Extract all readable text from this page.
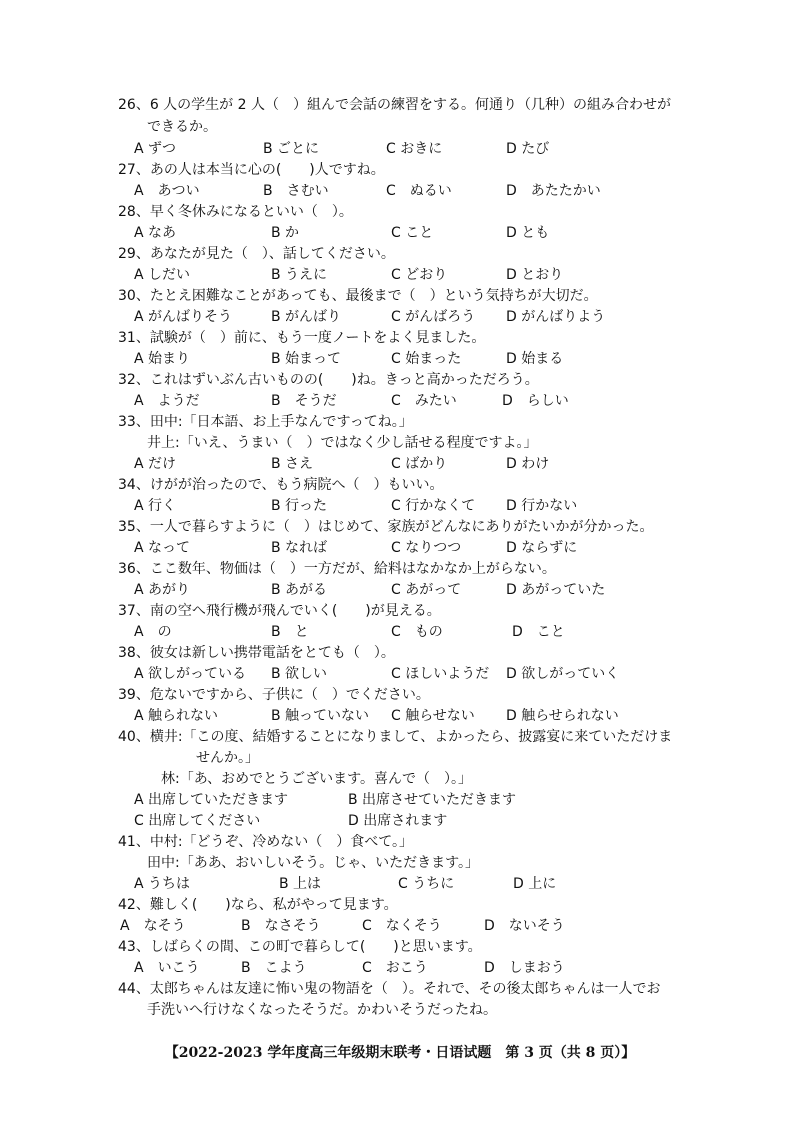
26、6 人の学生が 2 人（　）組んで会話の練習をする。何通り（几种）の組み合わせが
できるか。
A ずつ	B ごとに	C おきに	D たび
27、あの人は本当に心の(　　)人ですね。
A　あつい	B　さむい	C　ぬるい	D　あたたかい
28、早く冬休みになるといい（　）。
A なあ	B か	C こと	D とも
29、あなたが見た（　）、話してください。
A しだい	B うえに	C どおり	D とおり
30、たとえ困難なことがあっても、最後まで（　）という気持ちが大切だ。
A がんばりそう	B がんばり	C がんばろう D がんばりよう
31、試験が（　）前に、もう一度ノートをよく見ました。
A 始まり	B 始まって	C 始まった	D 始まる
32、これはずいぶん古いものの(　　)ね。きっと高かっただろう。
A　ようだ	B　そうだ	C　みたい	D　らしい
33、田中:「日本語、お上手なんですってね。」
井上:「いえ、うまい（　）ではなく少し話せる程度ですよ。」
A だけ	B さえ	C ばかり	D わけ
34、けがが治ったので、もう病院へ（　）もいい。
A 行く	B 行った	C 行かなくて D 行かない
35、一人で暮らすように（　）はじめて、家族がどんなにありがたいかが分かった。
A なって	B なれば	C なりつつ	D ならずに
36、ここ数年、物価は（　）一方だが、給料はなかなか上がらない。
A あがり	B あがる	C あがって	D あがっていた
37、南の空へ飛行機が飛んでいく(　　)が見える。
A　の	B　と	C　もの	D　こと
38、彼女は新しい携帯電話をとても（　）。
A 欲しがっている B 欲しい	C ほしいようだ D 欲しがっていく
39、危ないですから、子供に（　）でください。
A 触られない	B 触っていない C 触らせない D 触らせられない
40、横井:「この度、結婚することになりまして、よかったら、披露宴に来ていただけま
せんか。」
林:「あ、おめでとうございます。喜んで（　）。」
A 出席していただきます	B 出席させていただきます
C 出席してください	D 出席されます
41、中村:「どうぞ、冷めない（　）食べて。」
田中:「ああ、おいしいそう。じゃ、いただきます。」
A うちは	B 上は	C うちに	D 上に
42、難しく(　　)なら、私がやって見ます。
A　なそう	B　なさそう	C　なくそう	D　ないそう
43、しばらくの間、この町で暮らして(　　)と思います。
A　いこう	B　こよう	C　おこう	D　しまおう
44、太郎ちゃんは友達に怖い鬼の物語を（　）。それで、その後太郎ちゃんは一人でお
手洗いへ行けなくなったそうだ。かわいそうだったね。
【2022-2023 学年度高三年级期末联考・日语试题　第 3 页（共 8 页）】
